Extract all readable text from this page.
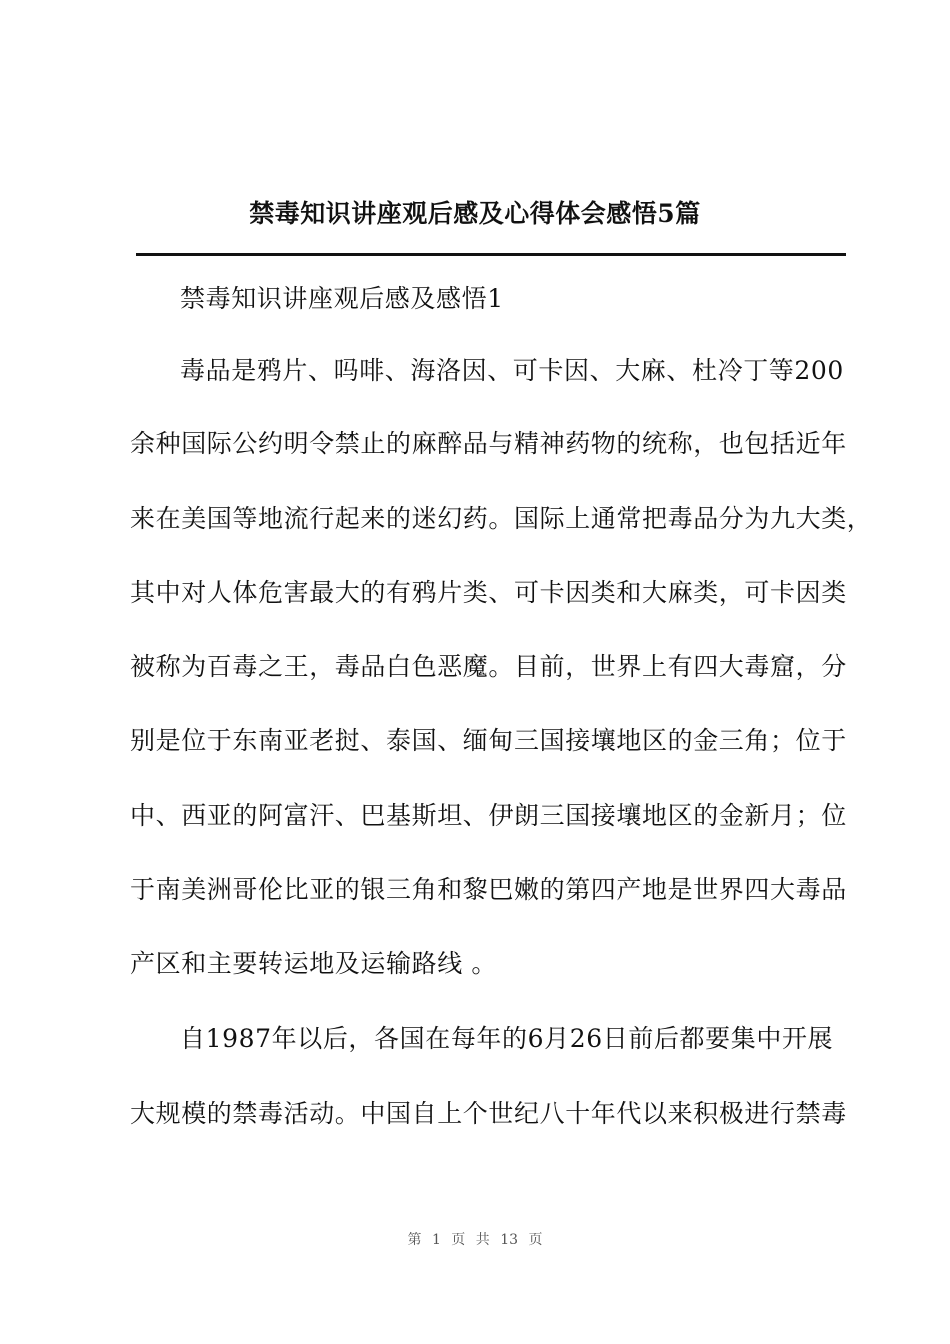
禁毒知识讲座观后感及心得体会感悟5篇
禁毒知识讲座观后感及感悟1
毒品是鸦片、吗啡、海洛因、可卡因、大麻、杜冷丁等200
余种国际公约明令禁止的麻醉品与精神药物的统称，也包括近年
来在美国等地流行起来的迷幻药。国际上通常把毒品分为九大类，
其中对人体危害最大的有鸦片类、可卡因类和大麻类，可卡因类
被称为百毒之王，毒品白色恶魔。目前，世界上有四大毒窟，分
别是位于东南亚老挝、泰国、缅甸三国接壤地区的金三角；位于
中、西亚的阿富汗、巴基斯坦、伊朗三国接壤地区的金新月；位
于南美洲哥伦比亚的银三角和黎巴嫩的第四产地是世界四大毒品
产区和主要转运地及运输路线 。
自1987年以后，各国在每年的6月26日前后都要集中开展
大规模的禁毒活动。中国自上个世纪八十年代以来积极进行禁毒
第 1 页 共 13 页
